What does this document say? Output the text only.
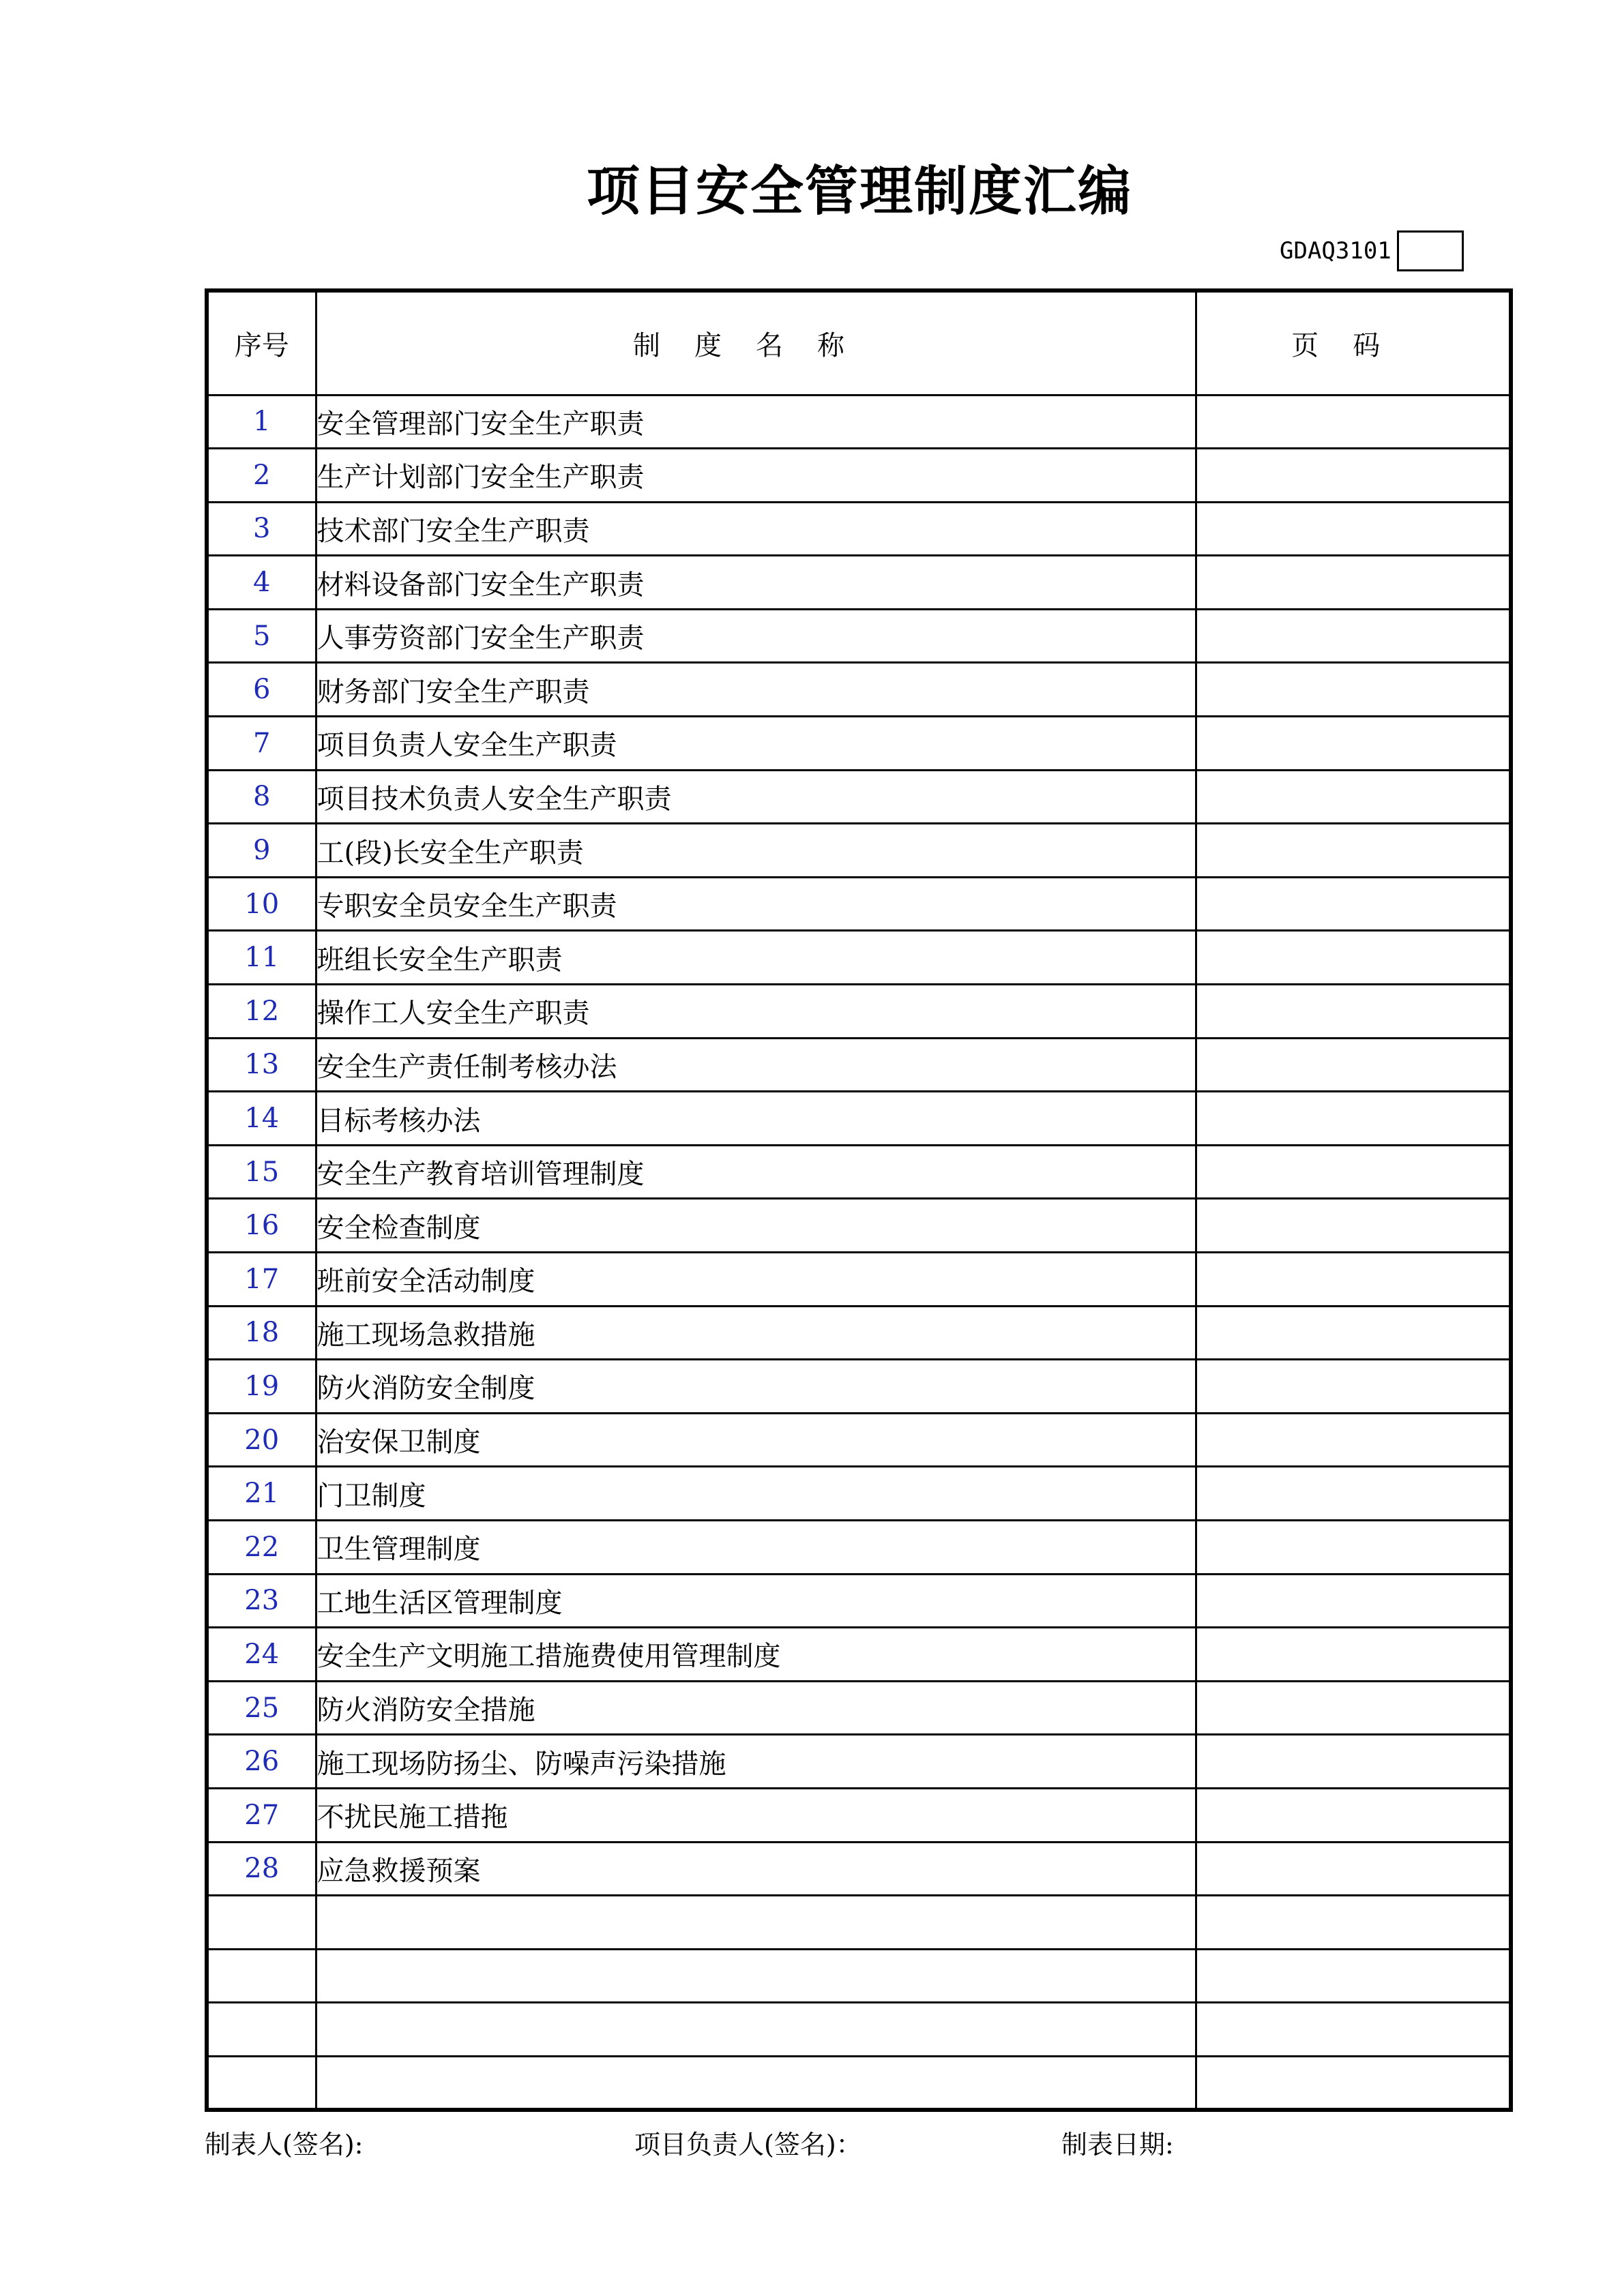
项目安全管理制度汇编
GDAQ3101
序号	制度名称	页码
1	安全管理部门安全生产职责	
2	生产计划部门安全生产职责	
3	技术部门安全生产职责	
4	材料设备部门安全生产职责	
5	人事劳资部门安全生产职责	
6	财务部门安全生产职责	
7	项目负责人安全生产职责	
8	项目技术负责人安全生产职责	
9	工(段)长安全生产职责	
10	专职安全员安全生产职责	
11	班组长安全生产职责	
12	操作工人安全生产职责	
13	安全生产责任制考核办法	
14	目标考核办法	
15	安全生产教育培训管理制度	
16	安全检查制度	
17	班前安全活动制度	
18	施工现场急救措施	
19	防火消防安全制度	
20	治安保卫制度	
21	门卫制度	
22	卫生管理制度	
23	工地生活区管理制度	
24	安全生产文明施工措施费使用管理制度	
25	防火消防安全措施	
26	施工现场防扬尘、防噪声污染措施	
27	不扰民施工措拖	
28	应急救援预案	

制表人(签名):	项目负责人(签名)：	制表日期:
